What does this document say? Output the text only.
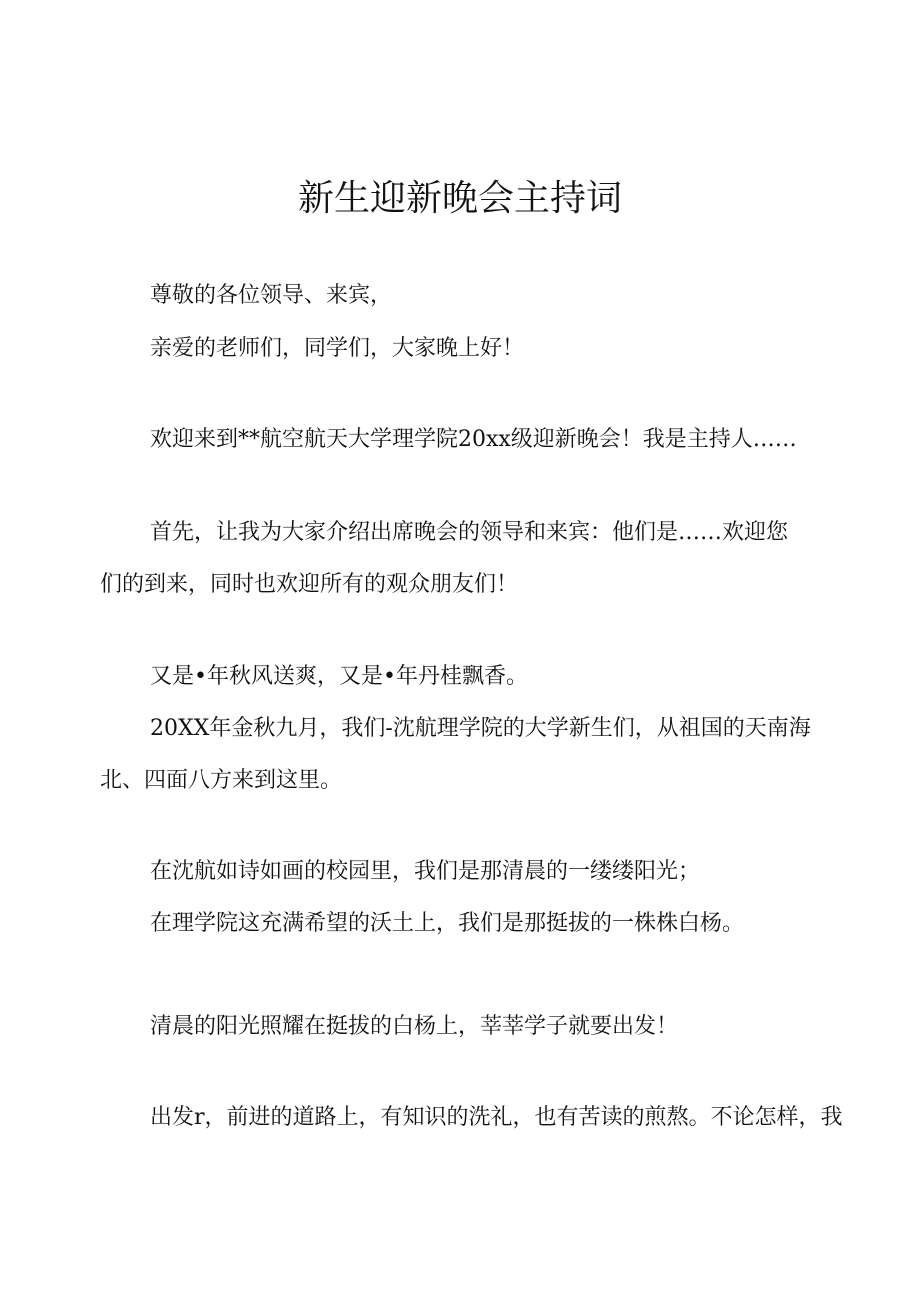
新生迎新晚会主持词
尊敬的各位领导、来宾，
亲爱的老师们，同学们，大家晚上好！
欢迎来到**航空航天大学理学院20xx级迎新晚会！我是主持人……
首先，让我为大家介绍出席晚会的领导和来宾：他们是……欢迎您
们的到来，同时也欢迎所有的观众朋友们！
又是•年秋风送爽，又是•年丹桂飘香。
20XX年金秋九月，我们-沈航理学院的大学新生们，从祖国的天南海
北、四面八方来到这里。
在沈航如诗如画的校园里，我们是那清晨的一缕缕阳光；
在理学院这充满希望的沃土上，我们是那挺拔的一株株白杨。
清晨的阳光照耀在挺拔的白杨上，莘莘学子就要出发！
出发r，前进的道路上，有知识的洗礼，也有苦读的煎熬。不论怎样，我
